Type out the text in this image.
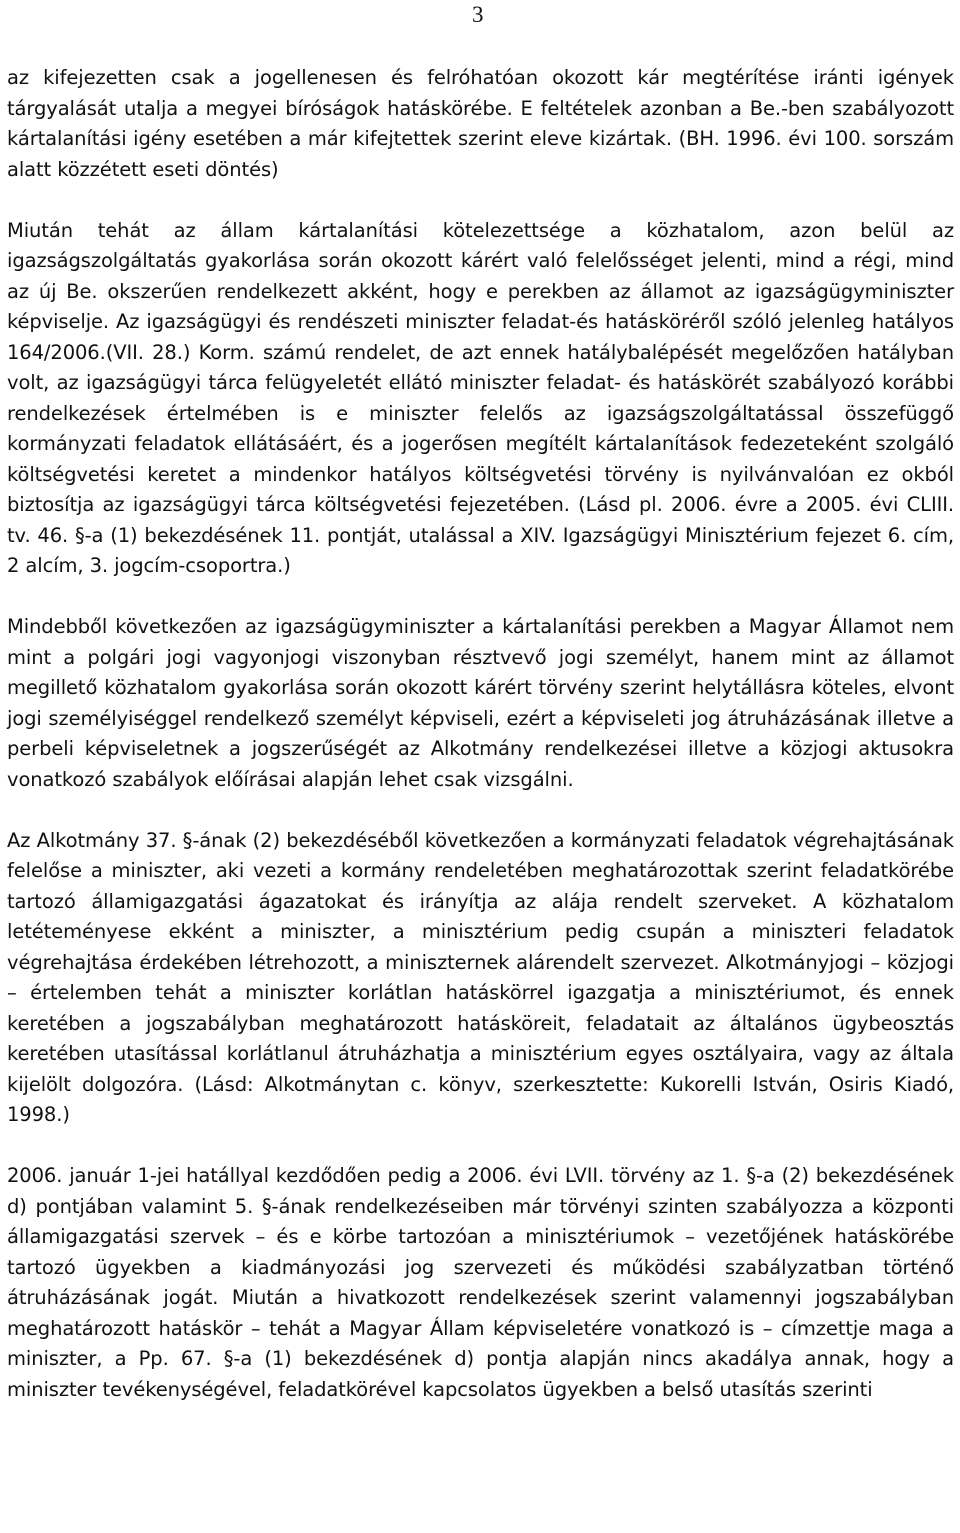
3

az kifejezetten csak a jogellenesen és felróhatóan okozott kár megtérítése iránti igények tárgyalását utalja a megyei bíróságok hatáskörébe. E feltételek azonban a Be.-ben szabályozott kártalanítási igény esetében a már kifejtettek szerint eleve kizártak. (BH. 1996. évi 100. sorszám alatt közzétett eseti döntés)

Miután tehát az állam kártalanítási kötelezettsége a közhatalom, azon belül az igazságszolgáltatás gyakorlása során okozott kárért való felelősséget jelenti, mind a régi, mind az új Be. okszerűen rendelkezett akként, hogy e perekben az államot az igazságügyminiszter képviselje. Az igazságügyi és rendészeti miniszter feladat-és hatásköréről szóló jelenleg hatályos 164/2006.(VII. 28.) Korm. számú rendelet, de azt ennek hatálybalépését megelőzően hatályban volt, az igazságügyi tárca felügyeletét ellátó miniszter feladat- és hatáskörét szabályozó korábbi rendelkezések értelmében is e miniszter felelős az igazságszolgáltatással összefüggő kormányzati feladatok ellátásáért, és a jogerősen megítélt kártalanítások fedezeteként szolgáló költségvetési keretet a mindenkor hatályos költségvetési törvény is nyilvánvalóan ez okból biztosítja az igazságügyi tárca költségvetési fejezetében. (Lásd pl. 2006. évre a 2005. évi CLIII. tv. 46. §-a (1) bekezdésének 11. pontját, utalással a XIV. Igazságügyi Minisztérium fejezet 6. cím, 2 alcím, 3. jogcím-csoportra.)

Mindebből következően az igazságügyminiszter a kártalanítási perekben a Magyar Államot nem mint a polgári jogi vagyonjogi viszonyban résztvevő jogi személyt, hanem mint az államot megillető közhatalom gyakorlása során okozott kárért törvény szerint helytállásra köteles, elvont jogi személyiséggel rendelkező személyt képviseli, ezért a képviseleti jog átruházásának illetve a perbeli képviseletnek a jogszerűségét az Alkotmány rendelkezései illetve a közjogi aktusokra vonatkozó szabályok előírásai alapján lehet csak vizsgálni.

Az Alkotmány 37. §-ának (2) bekezdéséből következően a kormányzati feladatok végrehajtásának felelőse a miniszter, aki vezeti a kormány rendeletében meghatározottak szerint feladatkörébe tartozó államigazgatási ágazatokat és irányítja az alája rendelt szerveket. A közhatalom letéteményese ekként a miniszter, a minisztérium pedig csupán a miniszteri feladatok végrehajtása érdekében létrehozott, a miniszternek alárendelt szervezet. Alkotmányjogi – közjogi – értelemben tehát a miniszter korlátlan hatáskörrel igazgatja a minisztériumot, és ennek keretében a jogszabályban meghatározott hatásköreit, feladatait az általános ügybeosztás keretében utasítással korlátlanul átruházhatja a minisztérium egyes osztályaira, vagy az általa kijelölt dolgozóra. (Lásd: Alkotmánytan c. könyv, szerkesztette: Kukorelli István, Osiris Kiadó, 1998.)

2006. január 1-jei hatállyal kezdődően pedig a 2006. évi LVII. törvény az 1. §-a (2) bekezdésének d) pontjában valamint 5. §-ának rendelkezéseiben már törvényi szinten szabályozza a központi államigazgatási szervek – és e körbe tartozóan a minisztériumok – vezetőjének hatáskörébe tartozó ügyekben a kiadmányozási jog szervezeti és működési szabályzatban történő átruházásának jogát. Miután a hivatkozott rendelkezések szerint valamennyi jogszabályban meghatározott hatáskör – tehát a Magyar Állam képviseletére vonatkozó is – címzettje maga a miniszter, a Pp. 67. §-a (1) bekezdésének d) pontja alapján nincs akadálya annak, hogy a miniszter tevékenységével, feladatkörével kapcsolatos ügyekben a belső utasítás szerinti
